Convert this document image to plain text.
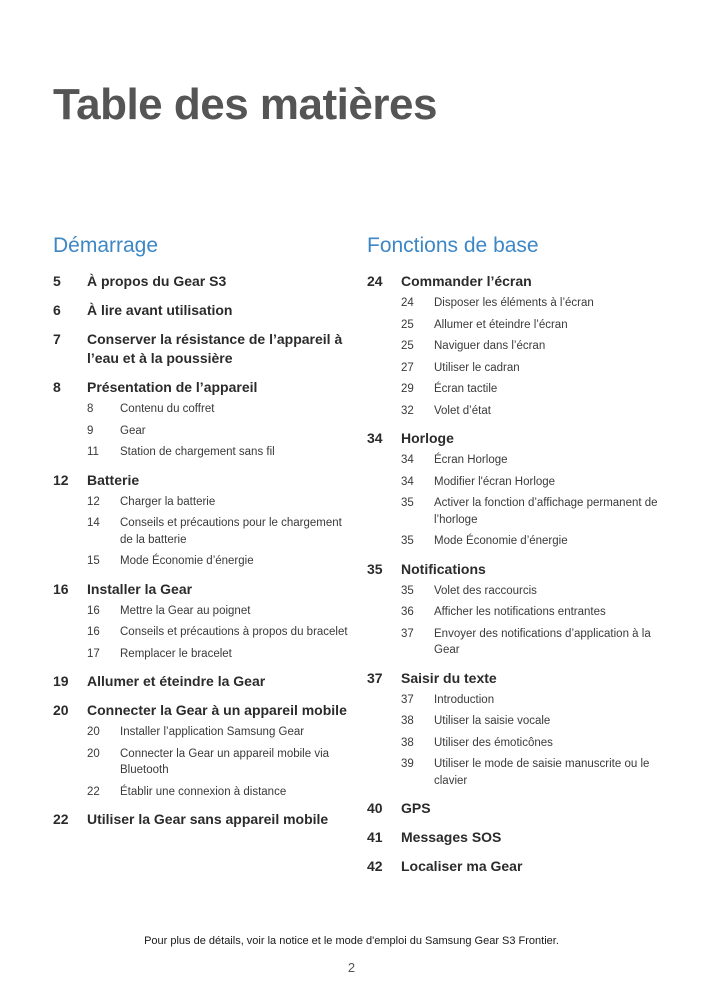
Table des matières
Démarrage
5	À propos du Gear S3
6	À lire avant utilisation
7	Conserver la résistance de l’appareil à l’eau et à la poussière
8	Présentation de l’appareil
8	Contenu du coffret
9	Gear
11	Station de chargement sans fil
12	Batterie
12	Charger la batterie
14	Conseils et précautions pour le chargement de la batterie
15	Mode Économie d’énergie
16	Installer la Gear
16	Mettre la Gear au poignet
16	Conseils et précautions à propos du bracelet
17	Remplacer le bracelet
19	Allumer et éteindre la Gear
20	Connecter la Gear à un appareil mobile
20	Installer l’application Samsung Gear
20	Connecter la Gear un appareil mobile via Bluetooth
22	Établir une connexion à distance
22	Utiliser la Gear sans appareil mobile
Fonctions de base
24	Commander l’écran
24	Disposer les éléments à l’écran
25	Allumer et éteindre l’écran
25	Naviguer dans l’écran
27	Utiliser le cadran
29	Écran tactile
32	Volet d’état
34	Horloge
34	Écran Horloge
34	Modifier l'écran Horloge
35	Activer la fonction d’affichage permanent de l’horloge
35	Mode Économie d’énergie
35	Notifications
35	Volet des raccourcis
36	Afficher les notifications entrantes
37	Envoyer des notifications d’application à la Gear
37	Saisir du texte
37	Introduction
38	Utiliser la saisie vocale
38	Utiliser des émoticônes
39	Utiliser le mode de saisie manuscrite ou le clavier
40	GPS
41	Messages SOS
42	Localiser ma Gear
Pour plus de détails, voir la notice et le mode d'emploi du Samsung Gear S3 Frontier.
2
